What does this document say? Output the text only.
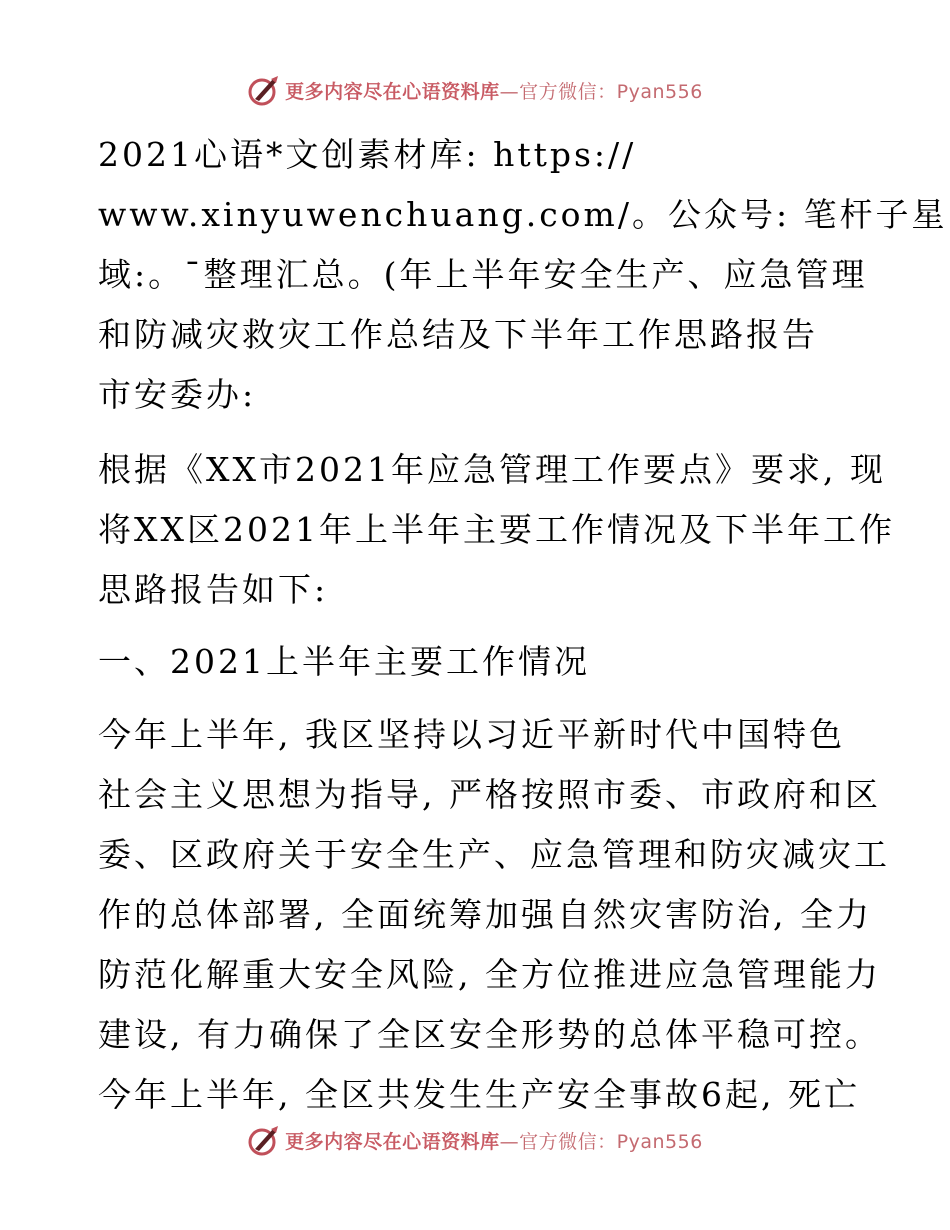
更多内容尽在心语资料库—官方微信：Pyan556
2021心语*文创素材库: https://
www.xinyuwenchuang.com/。公众号: 笔杆子星
域:。¯整理汇总。(年上半年安全生产、应急管理
和防减灾救灾工作总结及下半年工作思路报告
市安委办:
根据《XX市2021年应急管理工作要点》要求, 现
将XX区2021年上半年主要工作情况及下半年工作
思路报告如下:
一、2021上半年主要工作情况
今年上半年, 我区坚持以习近平新时代中国特色
社会主义思想为指导, 严格按照市委、市政府和区
委、区政府关于安全生产、应急管理和防灾减灾工
作的总体部署, 全面统筹加强自然灾害防治, 全力
防范化解重大安全风险, 全方位推进应急管理能力
建设, 有力确保了全区安全形势的总体平稳可控。
今年上半年, 全区共发生生产安全事故6起, 死亡
更多内容尽在心语资料库—官方微信：Pyan556
